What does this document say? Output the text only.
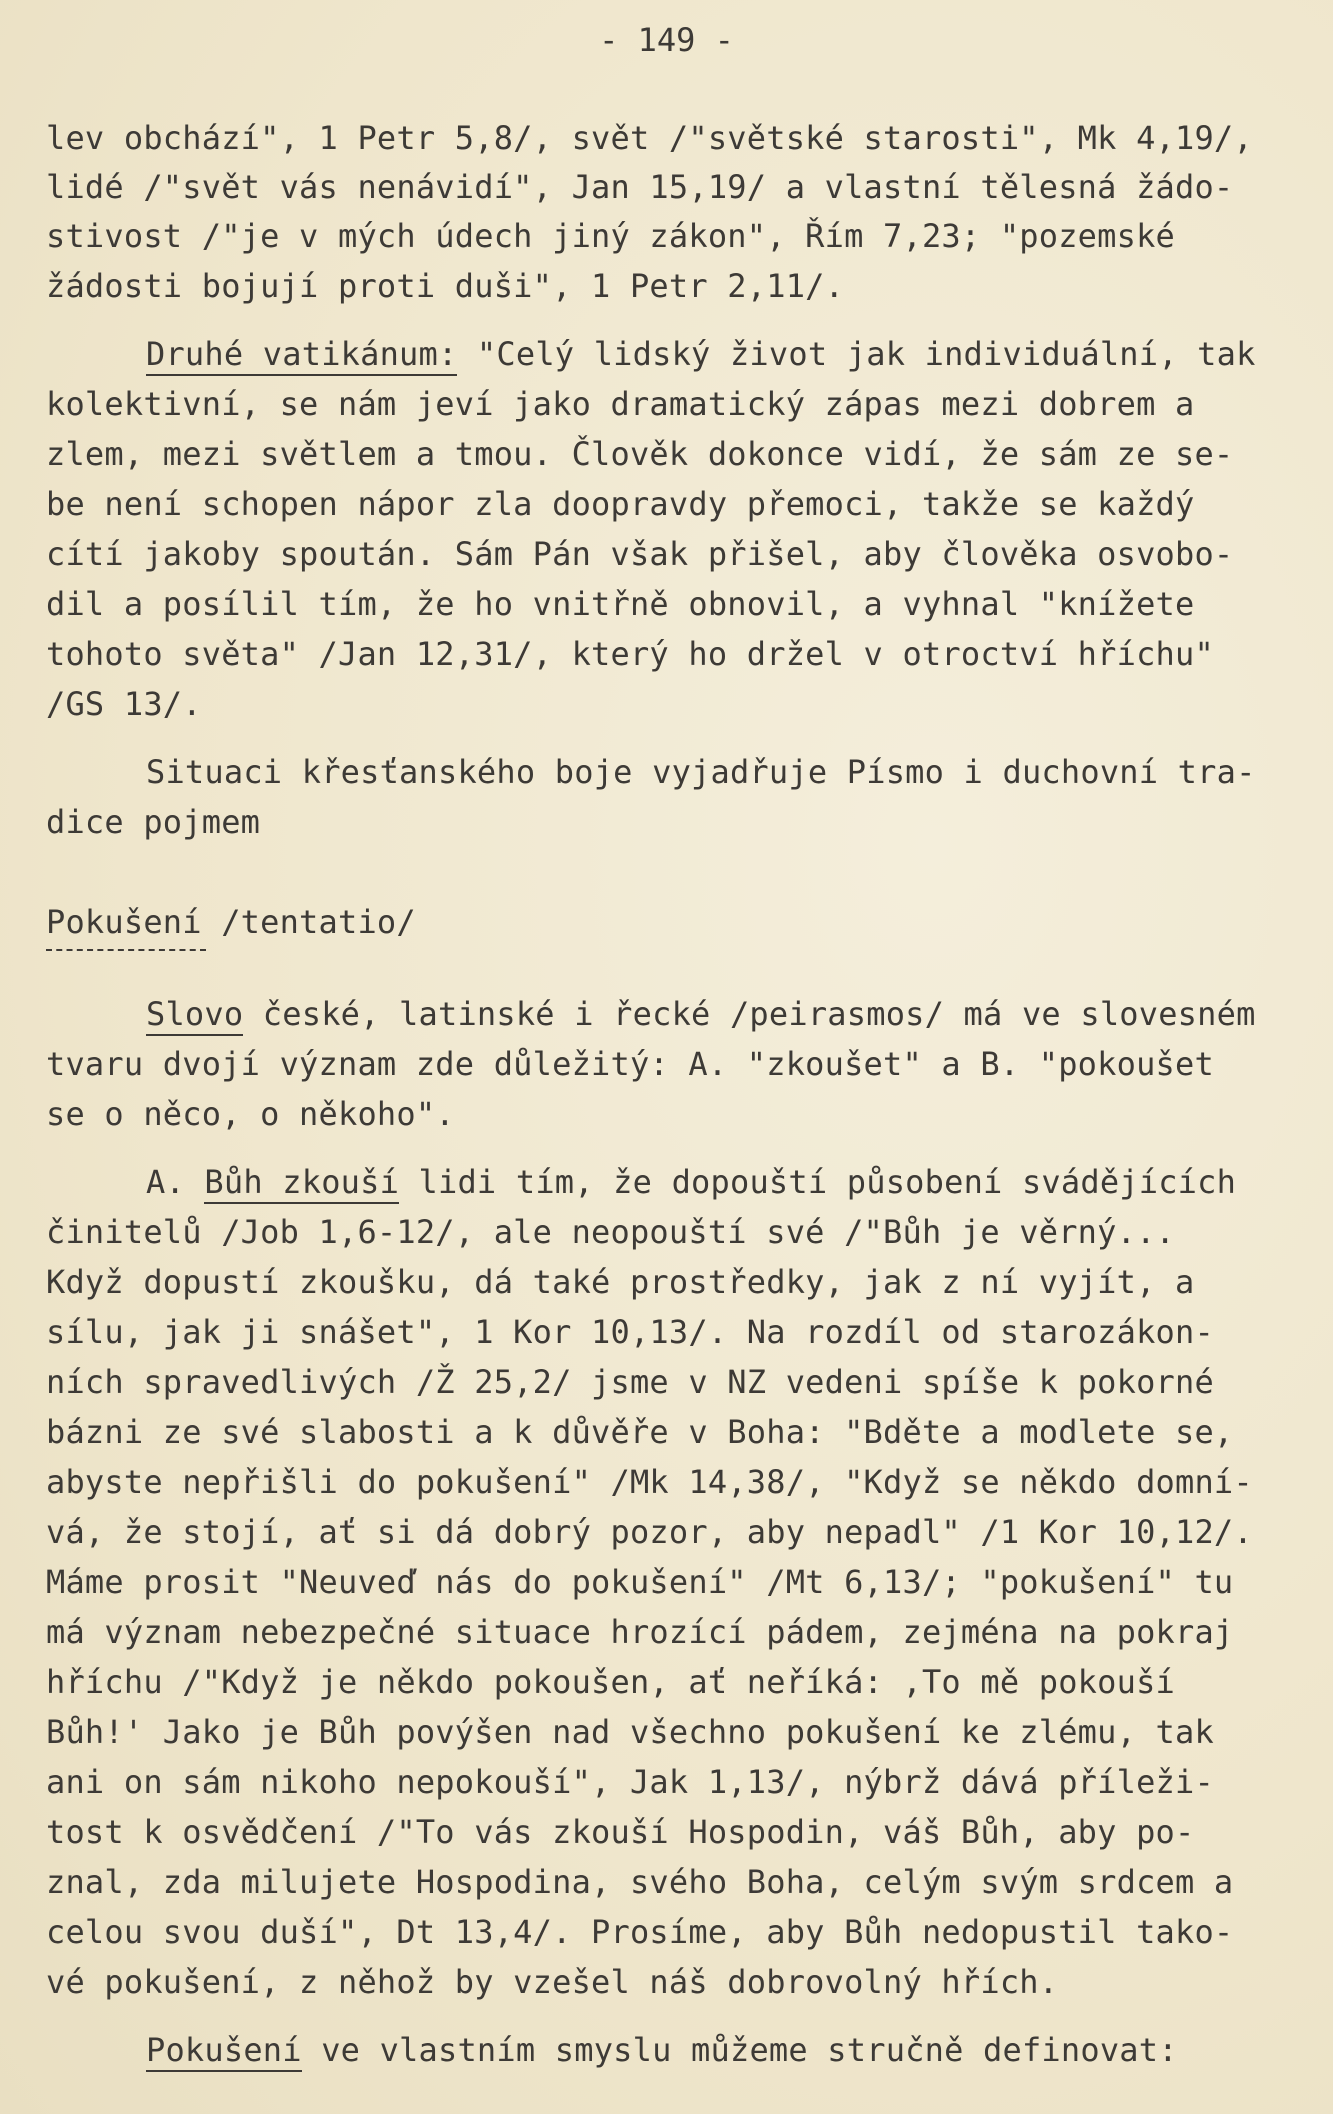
- 149 -
lev obchází", 1 Petr 5,8/, svět /"světské starosti", Mk 4,19/,
lidé /"svět vás nenávidí", Jan 15,19/ a vlastní tělesná žádo-
stivost /"je v mých údech jiný zákon", Řím 7,23; "pozemské
žádosti bojují proti duši", 1 Petr 2,11/.
Druhé vatikánum: "Celý lidský život jak individuální, tak
kolektivní, se nám jeví jako dramatický zápas mezi dobrem a
zlem, mezi světlem a tmou. Člověk dokonce vidí, že sám ze se-
be není schopen nápor zla doopravdy přemoci, takže se každý
cítí jakoby spoután. Sám Pán však přišel, aby člověka osvobo-
dil a posílil tím, že ho vnitřně obnovil, a vyhnal "knížete
tohoto světa" /Jan 12,31/, který ho držel v otroctví hříchu"
/GS 13/.
Situaci křesťanského boje vyjadřuje Písmo i duchovní tra-
dice pojmem
Pokušení /tentatio/
Slovo české, latinské i řecké /peirasmos/ má ve slovesném
tvaru dvojí význam zde důležitý: A. "zkoušet" a B. "pokoušet
se o něco, o někoho".
A. Bůh zkouší lidi tím, že dopouští působení svádějících
činitelů /Job 1,6-12/, ale neopouští své /"Bůh je věrný...
Když dopustí zkoušku, dá také prostředky, jak z ní vyjít, a
sílu, jak ji snášet", 1 Kor 10,13/. Na rozdíl od starozákon-
ních spravedlivých /Ž 25,2/ jsme v NZ vedeni spíše k pokorné
bázni ze své slabosti a k důvěře v Boha: "Bděte a modlete se,
abyste nepřišli do pokušení" /Mk 14,38/, "Když se někdo domní-
vá, že stojí, ať si dá dobrý pozor, aby nepadl" /1 Kor 10,12/.
Máme prosit "Neuveď nás do pokušení" /Mt 6,13/; "pokušení" tu
má význam nebezpečné situace hrozící pádem, zejména na pokraj
hříchu /"Když je někdo pokoušen, ať neříká: ,To mě pokouší
Bůh!' Jako je Bůh povýšen nad všechno pokušení ke zlému, tak
ani on sám nikoho nepokouší", Jak 1,13/, nýbrž dává příleži-
tost k osvědčení /"To vás zkouší Hospodin, váš Bůh, aby po-
znal, zda milujete Hospodina, svého Boha, celým svým srdcem a
celou svou duší", Dt 13,4/. Prosíme, aby Bůh nedopustil tako-
vé pokušení, z něhož by vzešel náš dobrovolný hřích.
Pokušení ve vlastním smyslu můžeme stručně definovat:
